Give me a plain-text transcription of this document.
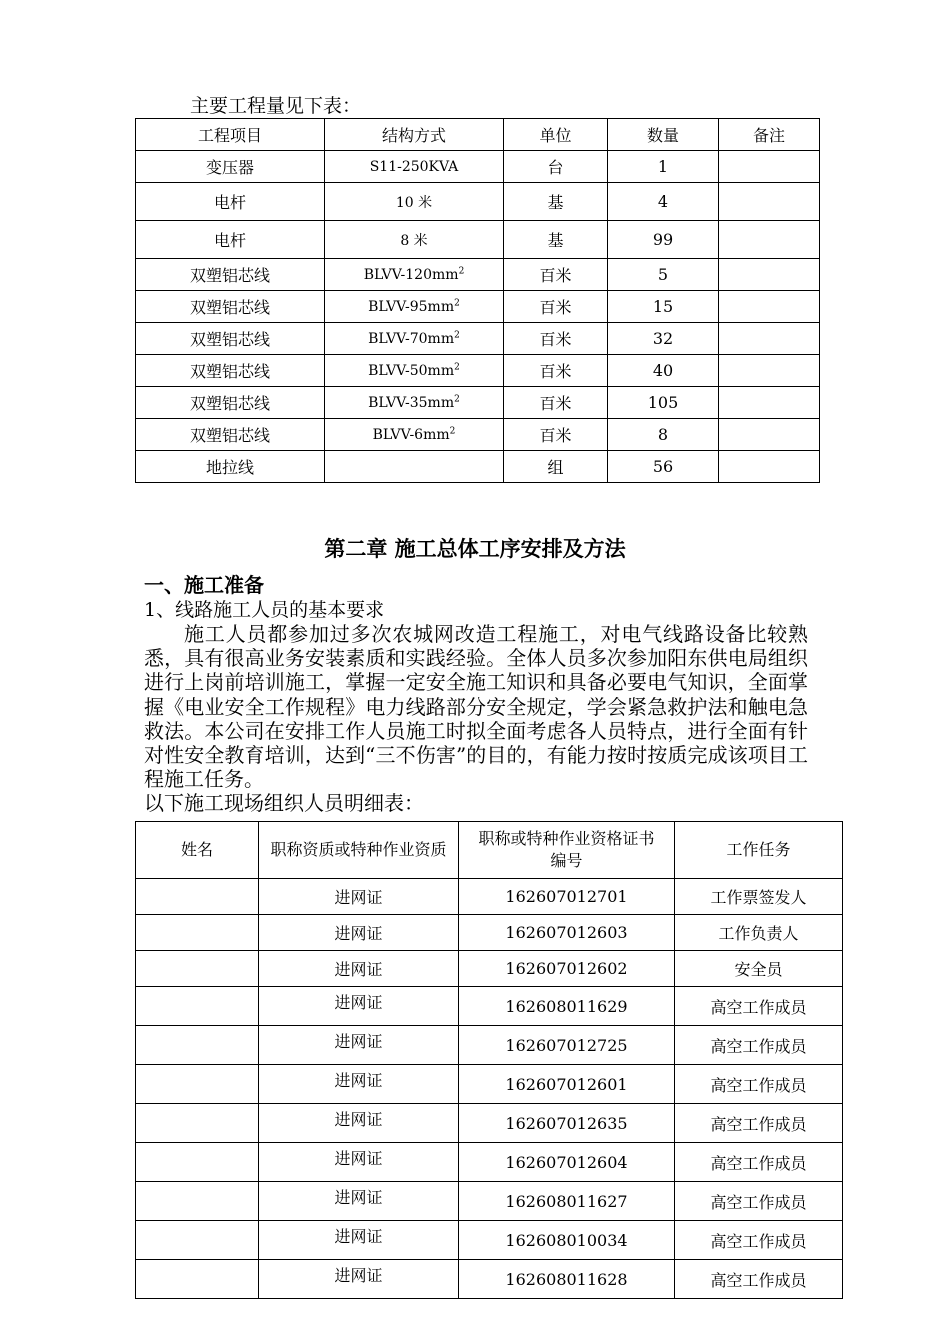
主要工程量见下表：
工程项目	结构方式	单位	数量	备注
变压器	S11-250KVA	台	1	
电杆	10 米	基	4	
电杆	8 米	基	99	
双塑铝芯线	BLVV-$120mm^2$	百米	5	
双塑铝芯线	BLVV-$95mm^2$	百米	15	
双塑铝芯线	BLVV-$70mm^2$	百米	32	
双塑铝芯线	BLVV-$50mm^2$	百米	40	
双塑铝芯线	BLVV-$35mm^2$	百米	105	
双塑铝芯线	BLVV-$6mm^2$	百米	8	
地拉线		组	56	
第二章 施工总体工序安排及方法
一、施工准备
1、线路施工人员的基本要求

施工人员都参加过多次农城网改造工程施工，对电气线路设备比较熟悉，具有很高业务安装素质和实践经验。全体人员多次参加阳东供电局组织进行上岗前培训施工，掌握一定安全施工知识和具备必要电气知识，全面掌握《电业安全工作规程》电力线路部分安全规定，学会紧急救护法和触电急救法。本公司在安排工作人员施工时拟全面考虑各人员特点，进行全面有针对性安全教育培训，达到“三不伤害”的目的，有能力按时按质完成该项目工程施工任务。

以下施工现场组织人员明细表：
姓名	职称资质或特种作业资质	职称或特种作业资格证书编号	工作任务
	进网证	162607012701	工作票签发人
	进网证	162607012603	工作负责人
	进网证	162607012602	安全员
	进网证	162608011629	高空工作成员
	进网证	162607012725	高空工作成员
	进网证	162607012601	高空工作成员
	进网证	162607012635	高空工作成员
	进网证	162607012604	高空工作成员
	进网证	162608011627	高空工作成员
	进网证	162608010034	高空工作成员
	进网证	162608011628	高空工作成员
